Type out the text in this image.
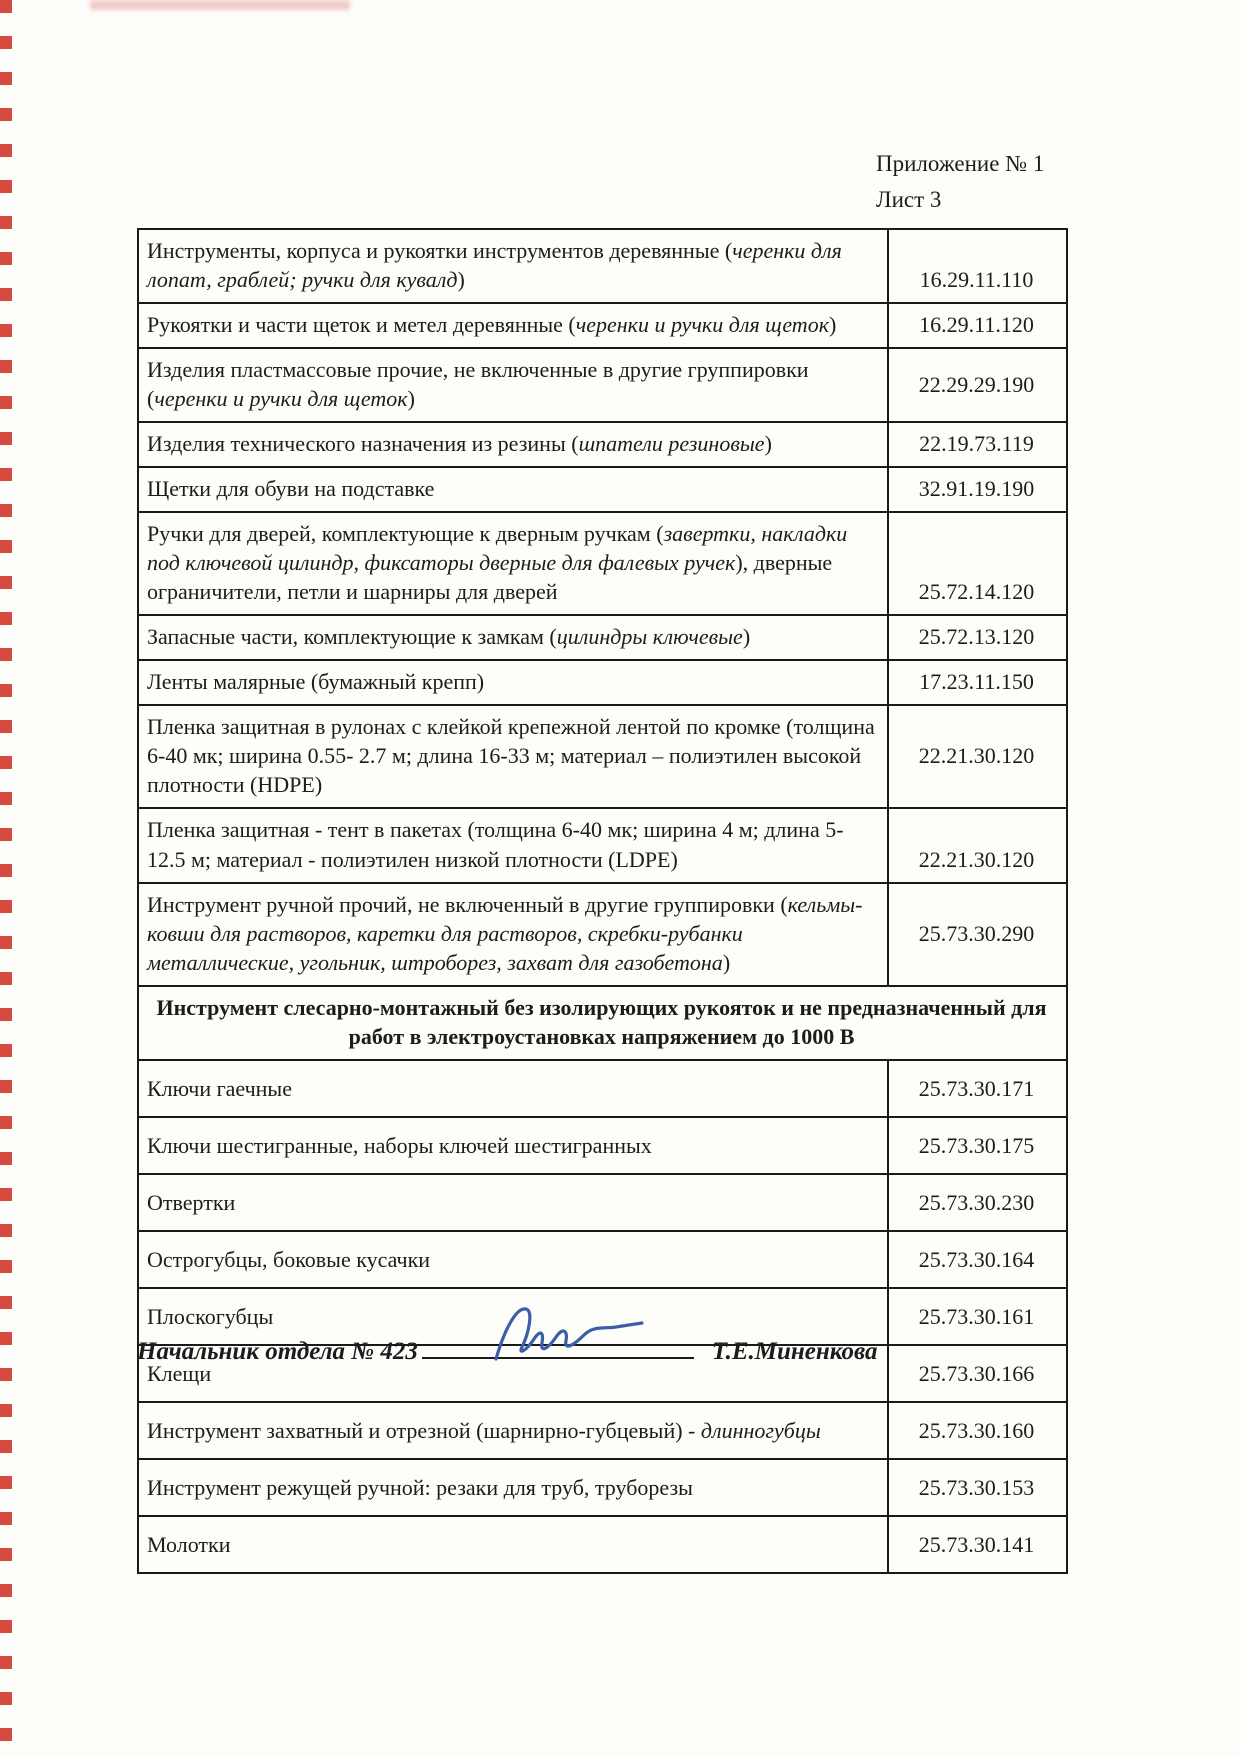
Приложение № 1
Лист 3
Инструменты, корпуса и рукоятки инструментов деревянные (черенки для лопат, граблей; ручки для кувалд)	16.29.11.110
Рукоятки и части щеток и метел деревянные (черенки и ручки для щеток)	16.29.11.120
Изделия пластмассовые прочие, не включенные в другие группировки (черенки и ручки для щеток)	22.29.29.190
Изделия технического назначения из резины (шпатели резиновые)	22.19.73.119
Щетки для обуви на подставке	32.91.19.190
Ручки для дверей, комплектующие к дверным ручкам (завертки, накладки под ключевой цилиндр, фиксаторы дверные для фалевых ручек), дверные ограничители, петли и шарниры для дверей	25.72.14.120
Запасные части, комплектующие к замкам (цилиндры ключевые)	25.72.13.120
Ленты малярные (бумажный крепп)	17.23.11.150
Пленка защитная в рулонах с клейкой крепежной лентой по кромке (толщина 6-40 мк; ширина 0.55- 2.7 м; длина 16-33 м; материал – полиэтилен высокой плотности (HDPE)	22.21.30.120
Пленка защитная - тент в пакетах (толщина 6-40 мк; ширина 4 м; длина 5-12.5 м; материал - полиэтилен низкой плотности (LDPE)	22.21.30.120
Инструмент ручной прочий, не включенный в другие группировки (кельмы-ковши для растворов, каретки для растворов, скребки-рубанки металлические, угольник, штроборез, захват для газобетона)	25.73.30.290
Инструмент слесарно-монтажный без изолирующих рукояток и не предназначенный для работ в электроустановках напряжением до 1000 В	
Ключи гаечные	25.73.30.171
Ключи шестигранные, наборы ключей шестигранных	25.73.30.175
Отвертки	25.73.30.230
Острогубцы, боковые кусачки	25.73.30.164
Плоскогубцы	25.73.30.161
Клещи	25.73.30.166
Инструмент захватный и отрезной (шарнирно-губцевый) - длинногубцы	25.73.30.160
Инструмент режущей ручной: резаки для труб, труборезы	25.73.30.153
Молотки	25.73.30.141
Начальник отдела № 423	Т.Е.Миненкова
